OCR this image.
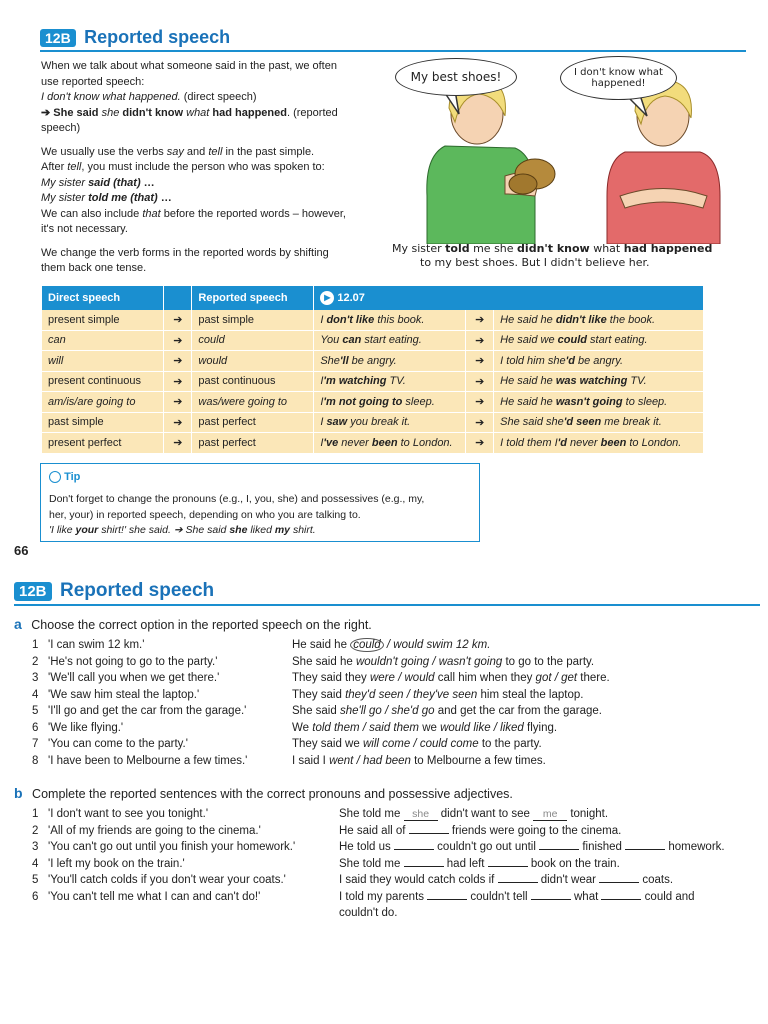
12B Reported speech
When we talk about what someone said in the past, we often
use reported speech:
I don't know what happened. (direct speech)
➔ She said she didn't know what had happened. (reported
speech)
We usually use the verbs say and tell in the past simple.
After tell, you must include the person who was spoken to:
My sister said (that) …
My sister told me (that) …
We can also include that before the reported words – however,
it's not necessary.
We change the verb forms in the reported words by shifting
them back one tense.
My best shoes!	I don't know what happened!
My sister told me she didn't know what had happened
to my best shoes. But I didn't believe her.
Direct speech		Reported speech	▶ 12.07		
present simple	➔	past simple	I don't like this book.	➔	He said he didn't like the book.
can	➔	could	You can start eating.	➔	He said we could start eating.
will	➔	would	She'll be angry.	➔	I told him she'd be angry.
present continuous	➔	past continuous	I'm watching TV.	➔	He said he was watching TV.
am/is/are going to	➔	was/were going to	I'm not going to sleep.	➔	He said he wasn't going to sleep.
past simple	➔	past perfect	I saw you break it.	➔	She said she'd seen me break it.
present perfect	➔	past perfect	I've never been to London.	➔	I told them I'd never been to London.
Tip
Don't forget to change the pronouns (e.g., I, you, she) and possessives (e.g., my,
her, your) in reported speech, depending on who you are talking to.
'I like your shirt!' she said. ➔ She said she liked my shirt.
66
12B Reported speech
a Choose the correct option in the reported speech on the right.
1 'I can swim 12 km.'	He said he could / would swim 12 km.
2 'He's not going to go to the party.'	She said he wouldn't going / wasn't going to go to the party.
3 'We'll call you when we get there.'	They said they were / would call him when they got / get there.
4 'We saw him steal the laptop.'	They said they'd seen / they've seen him steal the laptop.
5 'I'll go and get the car from the garage.'	She said she'll go / she'd go and get the car from the garage.
6 'We like flying.'	We told them / said them we would like / liked flying.
7 'You can come to the party.'	They said we will come / could come to the party.
8 'I have been to Melbourne a few times.'	I said I went / had been to Melbourne a few times.
b Complete the reported sentences with the correct pronouns and possessive adjectives.
1 'I don't want to see you tonight.'	She told me she didn't want to see me tonight.
2 'All of my friends are going to the cinema.'	He said all of	friends were going to the cinema.
3 'You can't go out until you finish your homework.'	He told us	couldn't go out until	finished	homework.
4 'I left my book on the train.'	She told me	had left	book on the train.
5 'You'll catch colds if you don't wear your coats.'	I said they would catch colds if	didn't wear	coats.
6 'You can't tell me what I can and can't do!'	I told my parents	couldn't tell	what	could and
couldn't do.
